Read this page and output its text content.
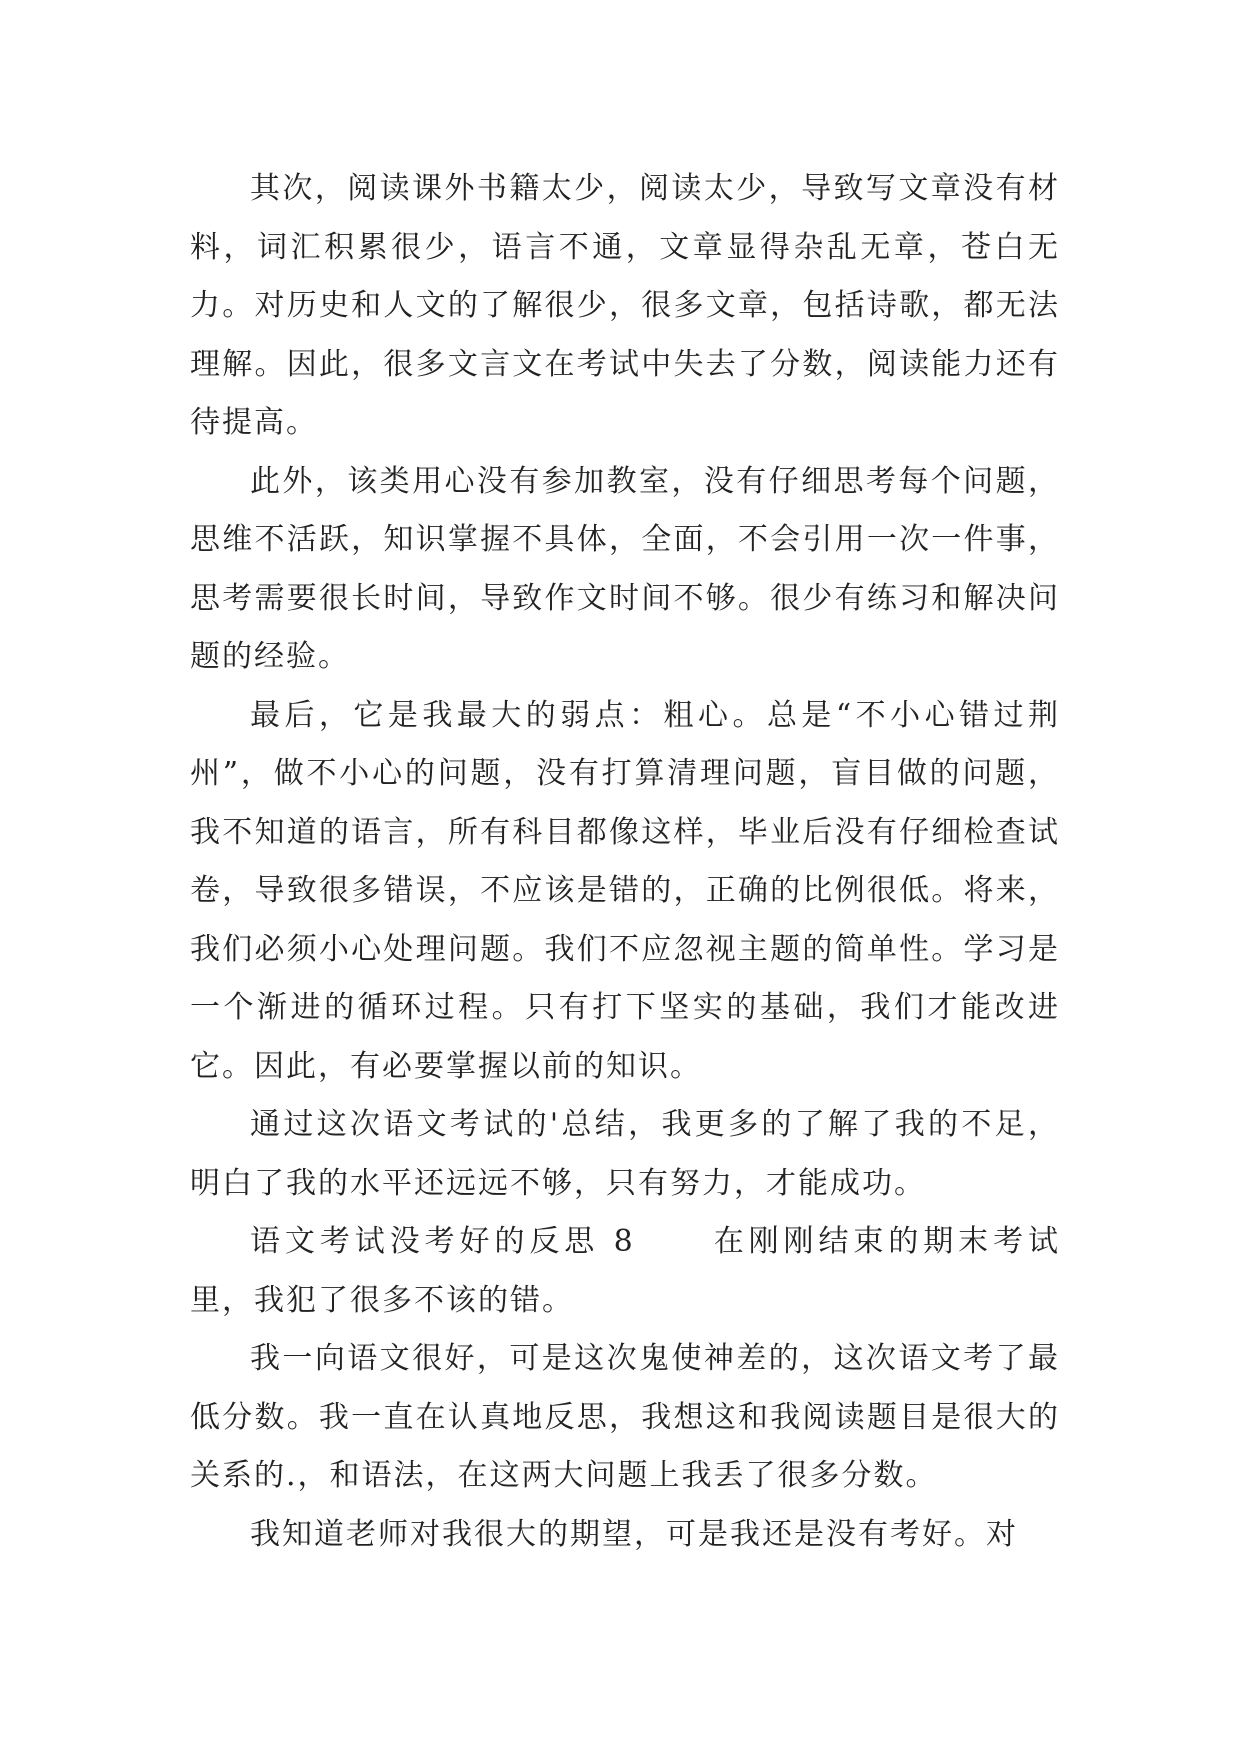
其次，阅读课外书籍太少，阅读太少，导致写文章没有材料，词汇积累很少，语言不通，文章显得杂乱无章，苍白无力。对历史和人文的了解很少，很多文章，包括诗歌，都无法理解。因此，很多文言文在考试中失去了分数，阅读能力还有待提高。

此外，该类用心没有参加教室，没有仔细思考每个问题，思维不活跃，知识掌握不具体，全面，不会引用一次一件事，思考需要很长时间，导致作文时间不够。很少有练习和解决问题的经验。

最后，它是我最大的弱点：粗心。总是“不小心错过荆州”，做不小心的问题，没有打算清理问题，盲目做的问题，我不知道的语言，所有科目都像这样，毕业后没有仔细检查试卷，导致很多错误，不应该是错的，正确的比例很低。将来，我们必须小心处理问题。我们不应忽视主题的简单性。学习是一个渐进的循环过程。只有打下坚实的基础，我们才能改进它。因此，有必要掌握以前的知识。

通过这次语文考试的'总结，我更多的了解了我的不足，明白了我的水平还远远不够，只有努力，才能成功。

语文考试没考好的反思 8	在刚刚结束的期末考试里，我犯了很多不该的错。

我一向语文很好，可是这次鬼使神差的，这次语文考了最低分数。我一直在认真地反思，我想这和我阅读题目是很大的关系的.，和语法，在这两大问题上我丢了很多分数。

我知道老师对我很大的期望，可是我还是没有考好。对
